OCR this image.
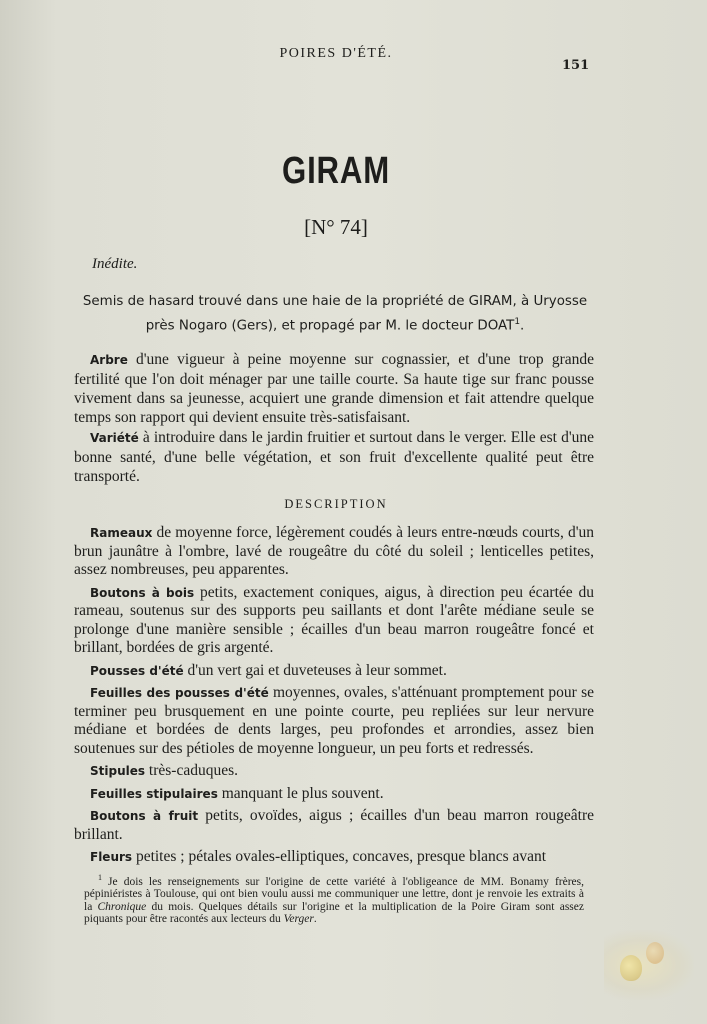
POIRES D'ÉTÉ.
151
GIRAM
[N° 74]
Inédite.
Semis de hasard trouvé dans une haie de la propriété de GIRAM, à Uryosse près Nogaro (Gers), et propagé par M. le docteur DOAT$^1$.
Arbre d'une vigueur à peine moyenne sur cognassier, et d'une trop grande fertilité que l'on doit ménager par une taille courte. Sa haute tige sur franc pousse vivement dans sa jeunesse, acquiert une grande dimension et fait attendre quelque temps son rapport qui devient ensuite très-satisfaisant.
Variété à introduire dans le jardin fruitier et surtout dans le verger. Elle est d'une bonne santé, d'une belle végétation, et son fruit d'excellente qualité peut être transporté.
DESCRIPTION

Rameaux de moyenne force, légèrement coudés à leurs entre-nœuds courts, d'un brun jaunâtre à l'ombre, lavé de rougeâtre du côté du soleil ; lenticelles petites, assez nombreuses, peu apparentes.

Boutons à bois petits, exactement coniques, aigus, à direction peu écartée du rameau, soutenus sur des supports peu saillants et dont l'arête médiane seule se prolonge d'une manière sensible ; écailles d'un beau marron rougeâtre foncé et brillant, bordées de gris argenté.

Pousses d'été d'un vert gai et duveteuses à leur sommet.

Feuilles des pousses d'été moyennes, ovales, s'atténuant promptement pour se terminer peu brusquement en une pointe courte, peu repliées sur leur nervure médiane et bordées de dents larges, peu profondes et arrondies, assez bien soutenues sur des pétioles de moyenne longueur, un peu forts et redressés.

Stipules très-caduques.

Feuilles stipulaires manquant le plus souvent.

Boutons à fruit petits, ovoïdes, aigus ; écailles d'un beau marron rougeâtre brillant.

Fleurs petites ; pétales ovales-elliptiques, concaves, presque blancs avant

$^1$ Je dois les renseignements sur l'origine de cette variété à l'obligeance de MM. Bonamy frères, pépiniéristes à Toulouse, qui ont bien voulu aussi me communiquer une lettre, dont je renvoie les extraits à la Chronique du mois. Quelques détails sur l'origine et la multiplication de la Poire Giram sont assez piquants pour être racontés aux lecteurs du Verger.
